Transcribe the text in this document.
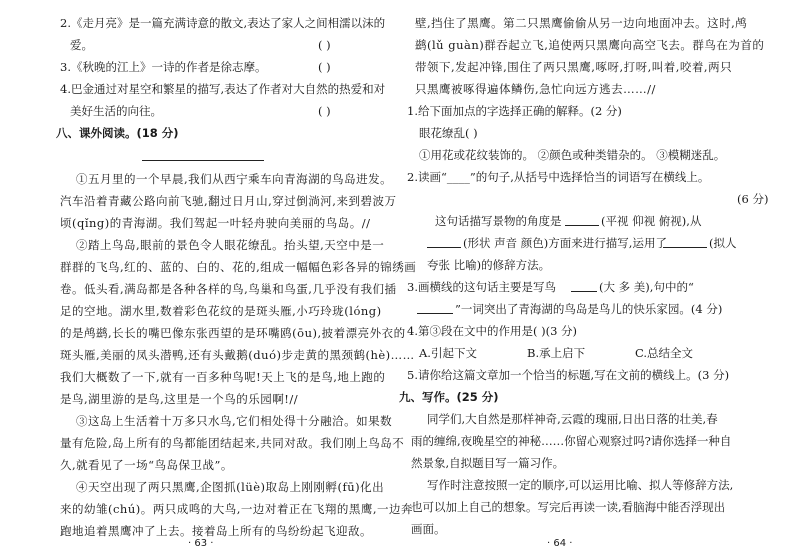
2.《走月亮》是一篇充满诗意的散文,表达了家人之间相濡以沫的
爱。	( )
3.《秋晚的江上》一诗的作者是徐志摩。	( )
4.巴金通过对星空和繁星的描写,表达了作者对大自然的热爱和对
美好生活的向往。	( )
八、课外阅读。(18 分)
①五月里的一个早晨,我们从西宁乘车向青海湖的鸟岛进发。
汽车沿着青藏公路向前飞驰,翻过日月山,穿过倒淌河,来到碧波万
顷(qǐng)的青海湖。我们驾起一叶轻舟驶向美丽的鸟岛。//
②踏上鸟岛,眼前的景色令人眼花缭乱。抬头望,天空中是一
群群的飞鸟,红的、蓝的、白的、花的,组成一幅幅色彩各异的锦绣画
卷。低头看,满岛都是各种各样的鸟,鸟巢和鸟蛋,几乎没有我们插
足的空地。湖水里,数着彩色花纹的是斑头雁,小巧玲珑(lóng)
的是鸬鹚,长长的嘴巴像东张西望的是环嘴鸥(ōu),披着漂亮外衣的
斑头雁,美丽的凤头潜鸭,还有头戴鹅(duó)步走黄的黑颈鹤(hè)……
我们大概数了一下,就有一百多种鸟呢!天上飞的是鸟,地上跑的
是鸟,湖里游的是鸟,这里是一个鸟的乐园啊!//
③这岛上生活着十万多只水鸟,它们相处得十分融洽。如果数
量有危险,岛上所有的鸟都能团结起来,共同对敌。我们刚上鸟岛不
久,就看见了一场“鸟岛保卫战”。
④天空出现了两只黑鹰,企图抓(lüè)取岛上刚刚孵(fū)化出
来的幼雏(chú)。两只成鸣的大鸟,一边对着正在飞翔的黑鹰,一边奔
跑地追着黑鹰冲了上去。接着岛上所有的鸟纷纷起飞迎敌。
· 63 ·
壁,挡住了黑鹰。第二只黑鹰偷偷从另一边向地面冲去。这时,鸬
鹚(lǔ guàn)群吞起立飞,追使两只黑鹰向高空飞去。群鸟在为首的
带领下,发起冲锋,围住了两只黑鹰,啄呀,打呀,叫着,咬着,两只
只黑鹰被啄得遍体鳞伤,急忙向远方逃去……//
1.给下面加点的字选择正确的解释。(2 分)
眼花缭乱( )
①用花或花纹装饰的。 ②颜色或种类错杂的。 ③模糊迷乱。
2.读画“____”的句子,从括号中选择恰当的词语写在横线上。
(6 分)
这句话描写景物的角度是	(平视 仰视 俯视),从
(形状 声音 颜色)方面来进行描写,运用了	(拟人
夸张 比喻)的修辞方法。
3.画横线的这句话主要是写鸟	(大 多 美),句中的“
”一词突出了青海湖的鸟岛是鸟儿的快乐家园。(4 分)
4.第③段在文中的作用是( )(3 分)
A.引起下文	B.承上启下	C.总结全文
5.请你给这篇文章加一个恰当的标题,写在文前的横线上。(3 分)
九、写作。(25 分)
同学们,大自然是那样神奇,云霞的瑰丽,日出日落的壮美,春
雨的缠绵,夜晚星空的神秘……你留心观察过吗?请你选择一种自
然景象,自拟题目写一篇习作。
写作时注意按照一定的顺序,可以运用比喻、拟人等修辞方法,
也可以加上自己的想象。写完后再读一读,看脑海中能否浮现出
画面。
· 64 ·
